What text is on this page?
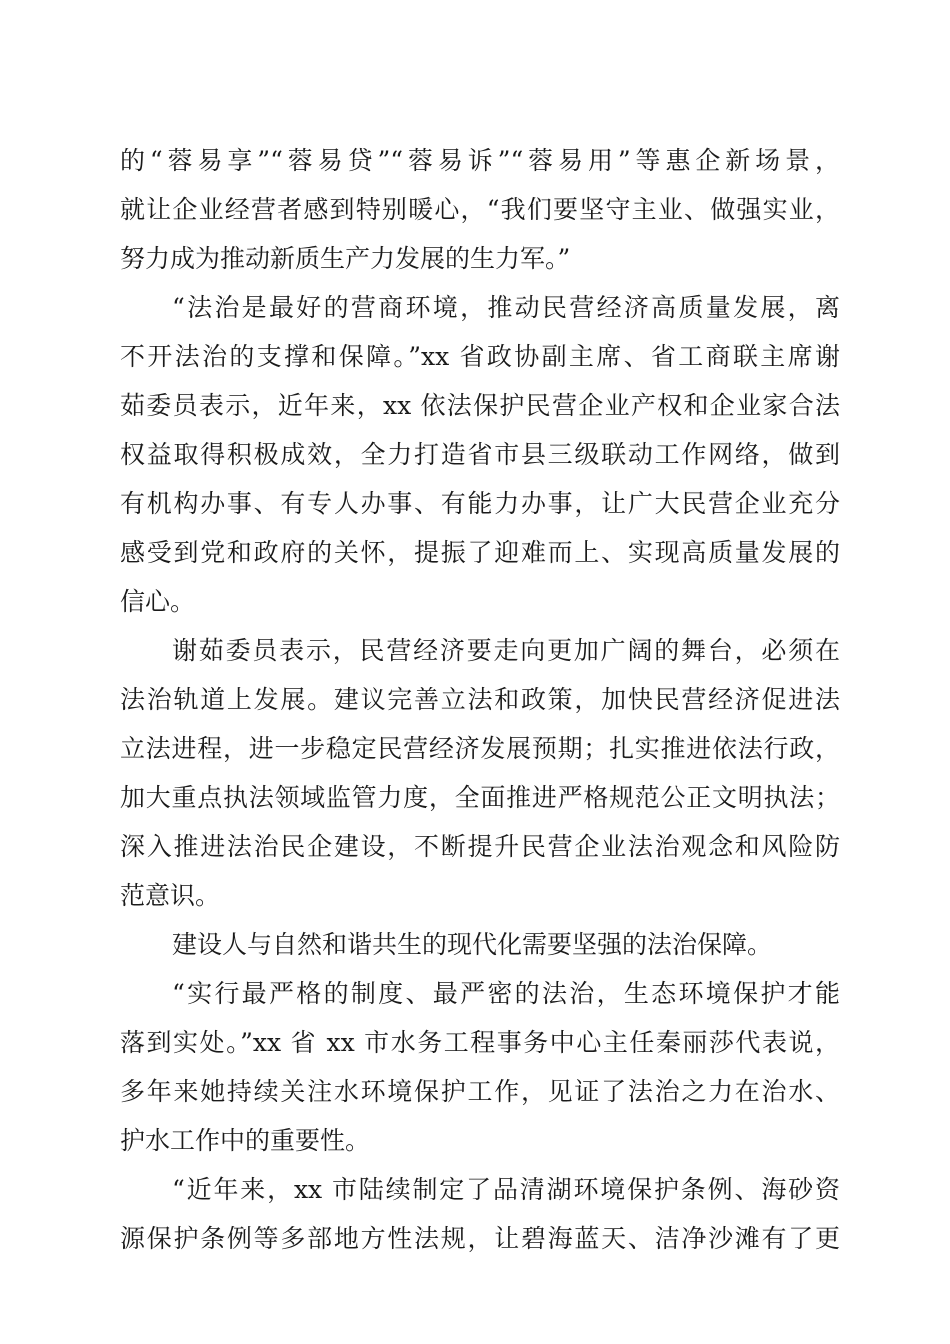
的“蓉易享”“蓉易贷”“蓉易诉”“蓉易用”等惠企新场景，
就让企业经营者感到特别暖心，“我们要坚守主业、做强实业，
努力成为推动新质生产力发展的生力军。”
“法治是最好的营商环境，推动民营经济高质量发展，离
不开法治的支撑和保障。”xx 省政协副主席、省工商联主席谢
茹委员表示，近年来，xx 依法保护民营企业产权和企业家合法
权益取得积极成效，全力打造省市县三级联动工作网络，做到
有机构办事、有专人办事、有能力办事，让广大民营企业充分
感受到党和政府的关怀，提振了迎难而上、实现高质量发展的
信心。
谢茹委员表示，民营经济要走向更加广阔的舞台，必须在
法治轨道上发展。建议完善立法和政策，加快民营经济促进法
立法进程，进一步稳定民营经济发展预期；扎实推进依法行政，
加大重点执法领域监管力度，全面推进严格规范公正文明执法；
深入推进法治民企建设，不断提升民营企业法治观念和风险防
范意识。
建设人与自然和谐共生的现代化需要坚强的法治保障。
“实行最严格的制度、最严密的法治，生态环境保护才能
落到实处。”xx 省 xx 市水务工程事务中心主任秦丽莎代表说，
多年来她持续关注水环境保护工作，见证了法治之力在治水、
护水工作中的重要性。
“近年来，xx 市陆续制定了品清湖环境保护条例、海砂资
源保护条例等多部地方性法规，让碧海蓝天、洁净沙滩有了更
